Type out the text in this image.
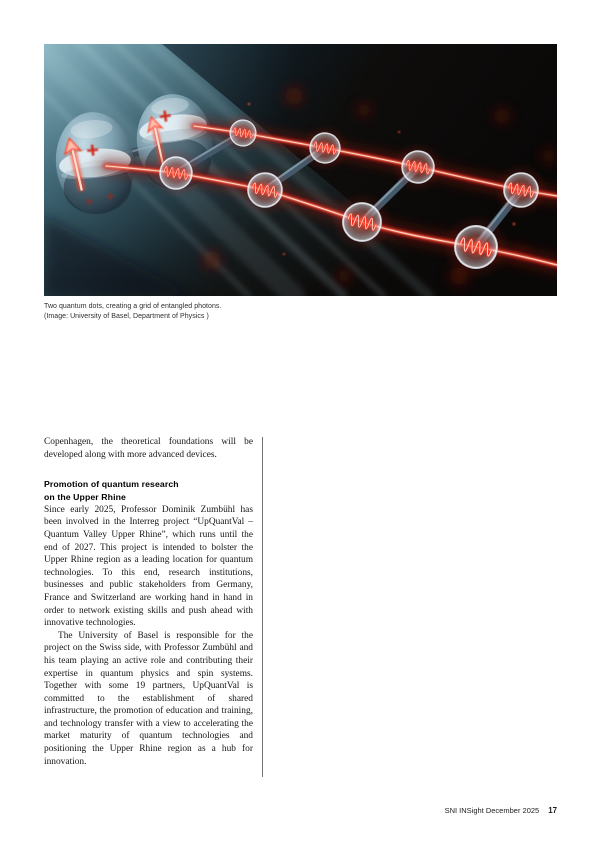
Two quantum dots, creating a grid of entangled photons.
(Image: University of Basel, Department of Physics )

Copenhagen, the theoretical foundations will be developed along with more advanced devices.

Promotion of quantum research
on the Upper Rhine

Since early 2025, Professor Dominik Zumbühl has been involved in the Interreg project “UpQuantVal – Quantum Valley Upper Rhine”, which runs until the end of 2027. This project is intended to bolster the Upper Rhine region as a leading location for quantum technologies. To this end, research institutions, businesses and public stakeholders from Germany, France and Switzerland are working hand in hand in order to network existing skills and push ahead with innovative technologies.

The University of Basel is responsible for the project on the Swiss side, with Professor Zumbühl and his team playing an active role and contributing their expertise in quantum physics and spin systems. Together with some 19 partners, UpQuantVal is committed to the establishment of shared infrastructure, the promotion of education and training, and technology transfer with a view to accelerating the market maturity of quantum technologies and positioning the Upper Rhine region as a hub for innovation.

SNI INSight December 2025 17
